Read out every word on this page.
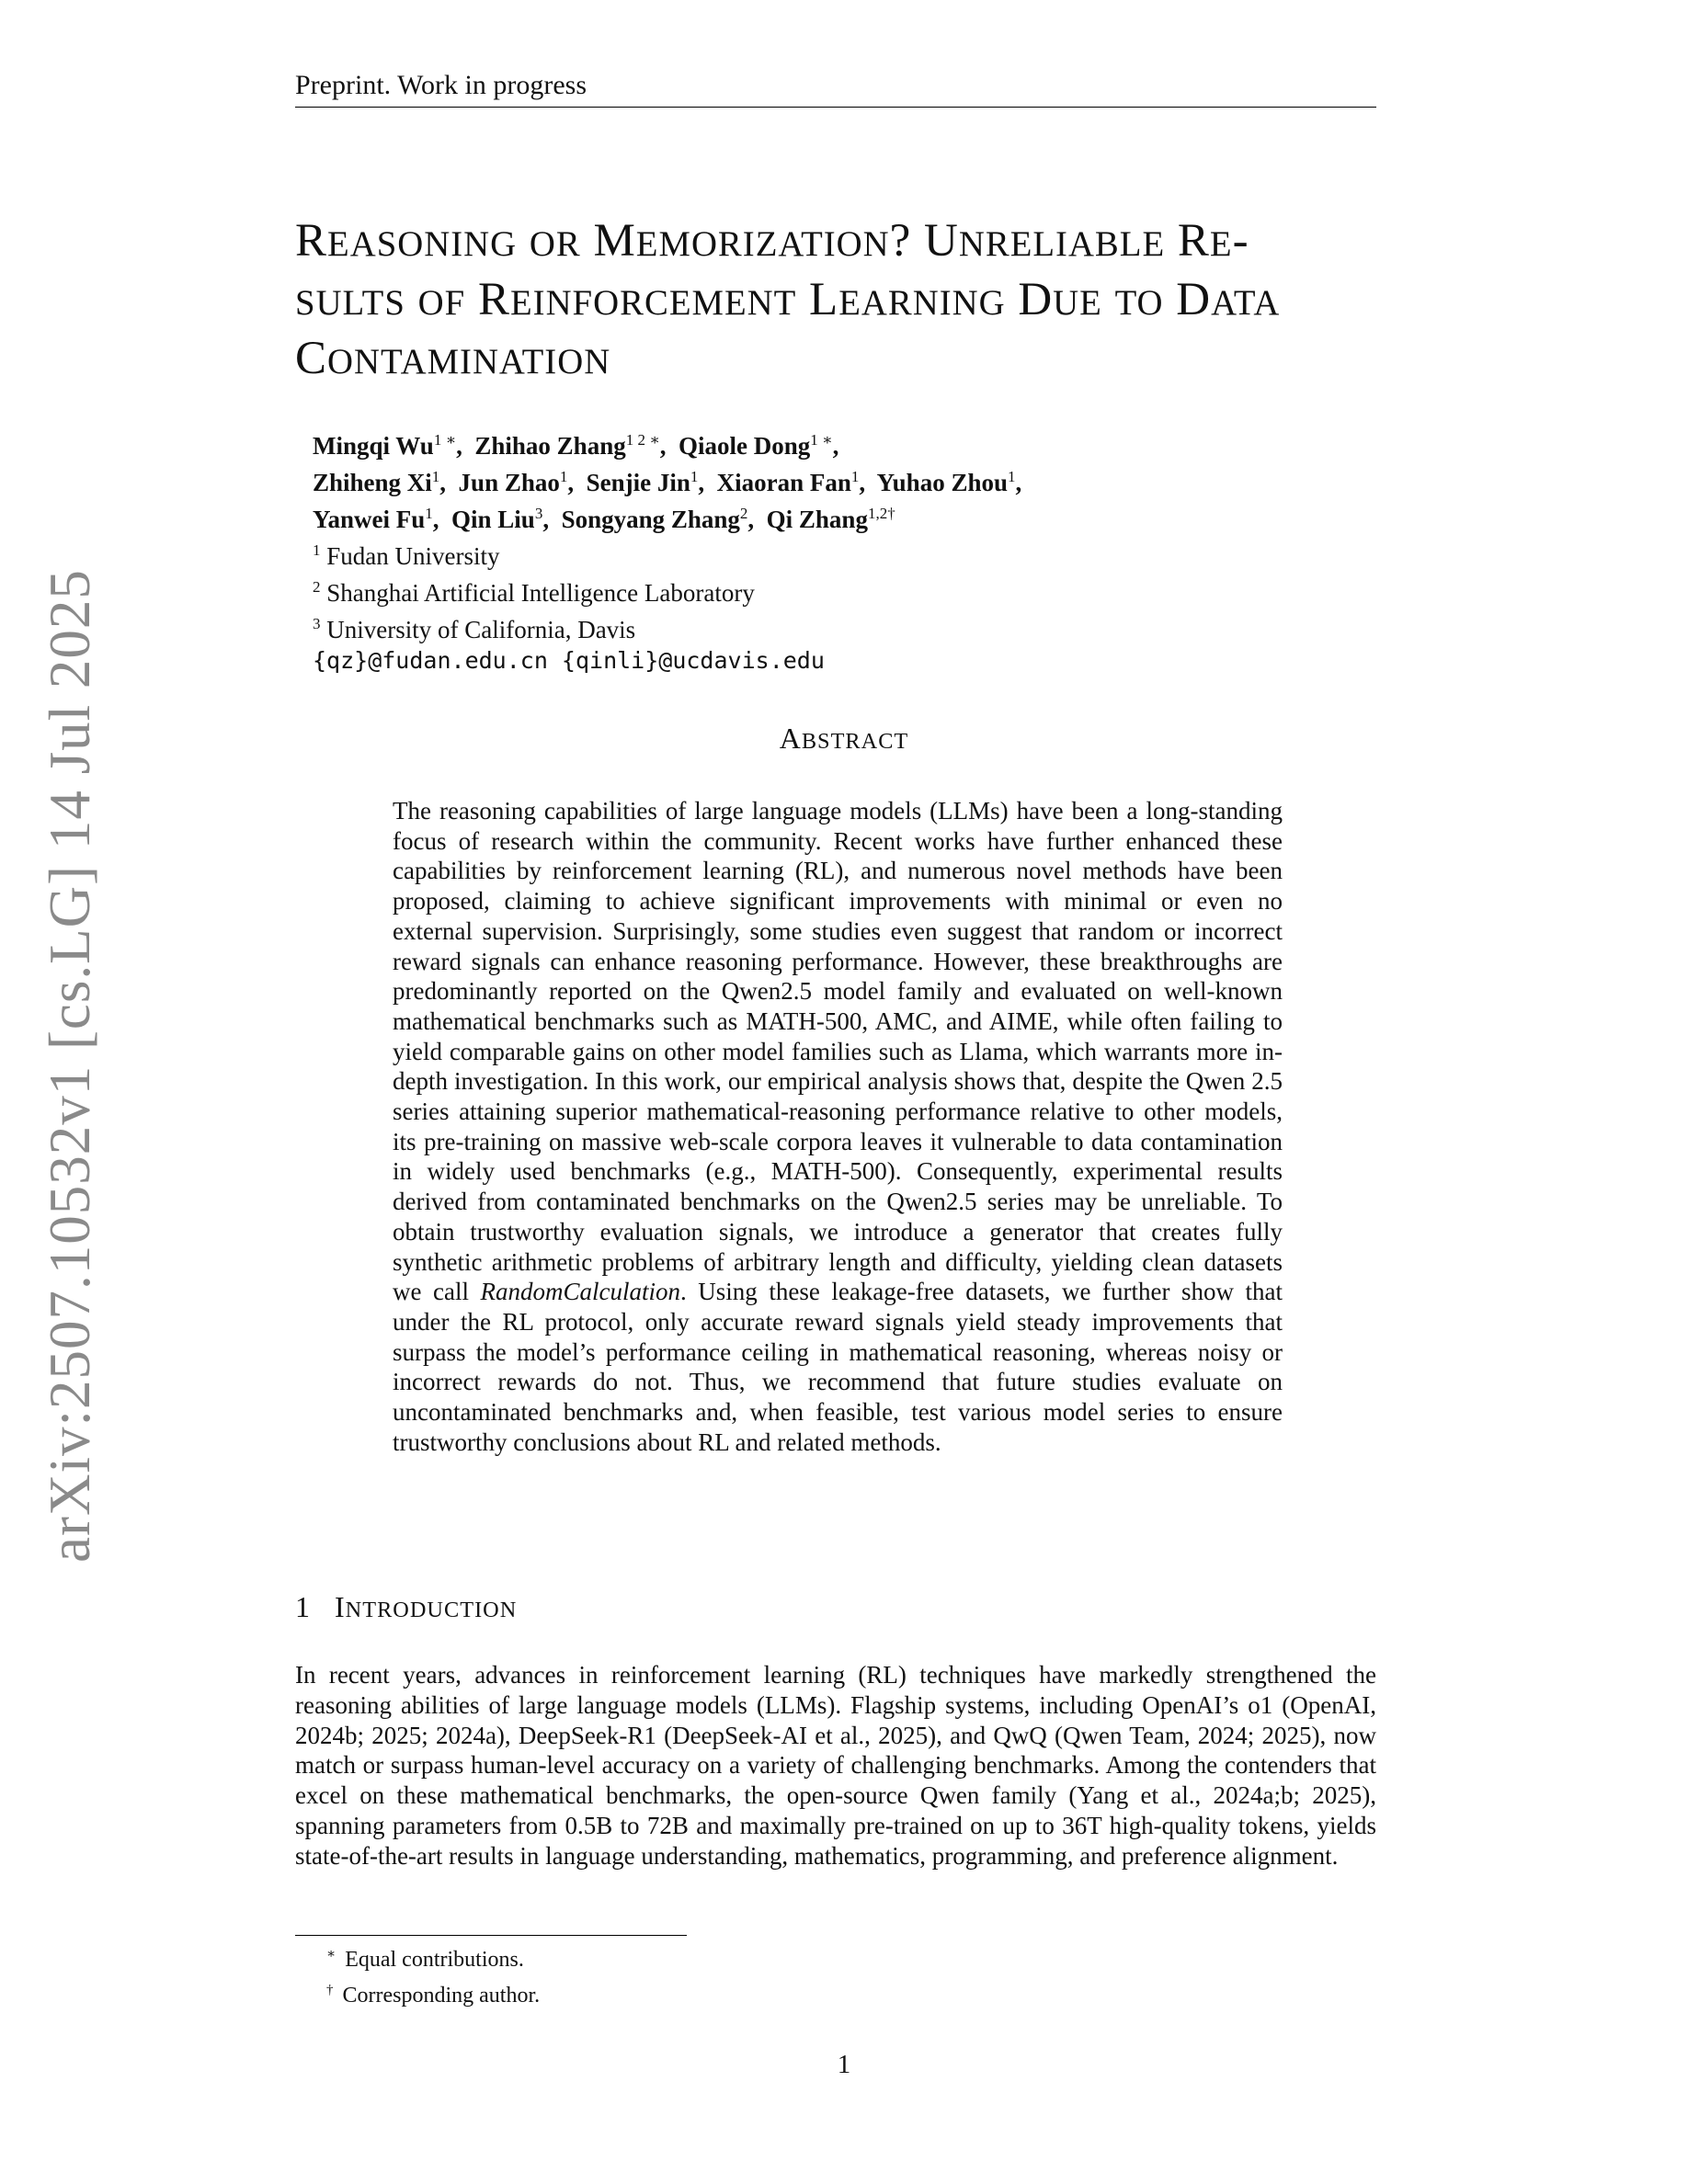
Preprint. Work in progress
arXiv:2507.10532v1 [cs.LG] 14 Jul 2025
REASONING OR MEMORIZATION? UNRELIABLE RE-
SULTS OF REINFORCEMENT LEARNING DUE TO DATA
CONTAMINATION
Mingqi $Wu^{1 ∗}$,  Zhihao Zhang$^{1 2 ∗}$,  Qiaole Dong$^{1 ∗}$,
Zhiheng Xi$^1$,  Jun Zhao$^1$,  Senjie Jin$^1$,  Xiaoran Fan$^1$,  Yuhao Zhou$^1$,
Yanwei Fu$^1$,  Qin Liu$^3$,  Songyang Zhang$^2$,  Qi Zhang$^{1,2\dagger}$
$^1$ Fudan University
$^2$ Shanghai Artificial Intelligence Laboratory
$^3$ University of California, Davis
{qz}@fudan.edu.cn {qinli}@ucdavis.edu
ABSTRACT
The reasoning capabilities of large language models (LLMs) have been a long-standing focus of research within the community. Recent works have further enhanced these capabilities by reinforcement learning (RL), and numerous novel methods have been proposed, claiming to achieve significant improvements with minimal or even no external supervision. Surprisingly, some studies even suggest that random or incorrect reward signals can enhance reasoning performance. However, these breakthroughs are predominantly reported on the Qwen2.5 model family and evaluated on well-known mathematical benchmarks such as MATH-500, AMC, and AIME, while often failing to yield comparable gains on other model families such as Llama, which warrants more in-depth investigation. In this work, our empirical analysis shows that, despite the Qwen 2.5 series attaining superior mathematical-reasoning performance relative to other models, its pre-training on massive web-scale corpora leaves it vulnerable to data contamination in widely used benchmarks (e.g., MATH-500). Consequently, experimental results derived from contaminated benchmarks on the Qwen2.5 series may be unreliable. To obtain trustworthy evaluation signals, we introduce a generator that creates fully synthetic arithmetic problems of arbitrary length and difficulty, yielding clean datasets we call RandomCalculation. Using these leakage-free datasets, we further show that under the RL protocol, only accurate reward signals yield steady improvements that surpass the model’s performance ceiling in mathematical reasoning, whereas noisy or incorrect rewards do not. Thus, we recommend that future studies evaluate on uncontaminated benchmarks and, when feasible, test various model series to ensure trustworthy conclusions about RL and related methods.
1 INTRODUCTION
In recent years, advances in reinforcement learning (RL) techniques have markedly strengthened the reasoning abilities of large language models (LLMs). Flagship systems, including OpenAI’s o1 (OpenAI, 2024b; 2025; 2024a), DeepSeek-R1 (DeepSeek-AI et al., 2025), and QwQ (Qwen Team, 2024; 2025), now match or surpass human-level accuracy on a variety of challenging benchmarks. Among the contenders that excel on these mathematical benchmarks, the open-source Qwen family (Yang et al., 2024a;b; 2025), spanning parameters from 0.5B to 72B and maximally pre-trained on up to 36T high-quality tokens, yields state-of-the-art results in language understanding, mathematics, programming, and preference alignment.
∗ Equal contributions.
† Corresponding author.
1
